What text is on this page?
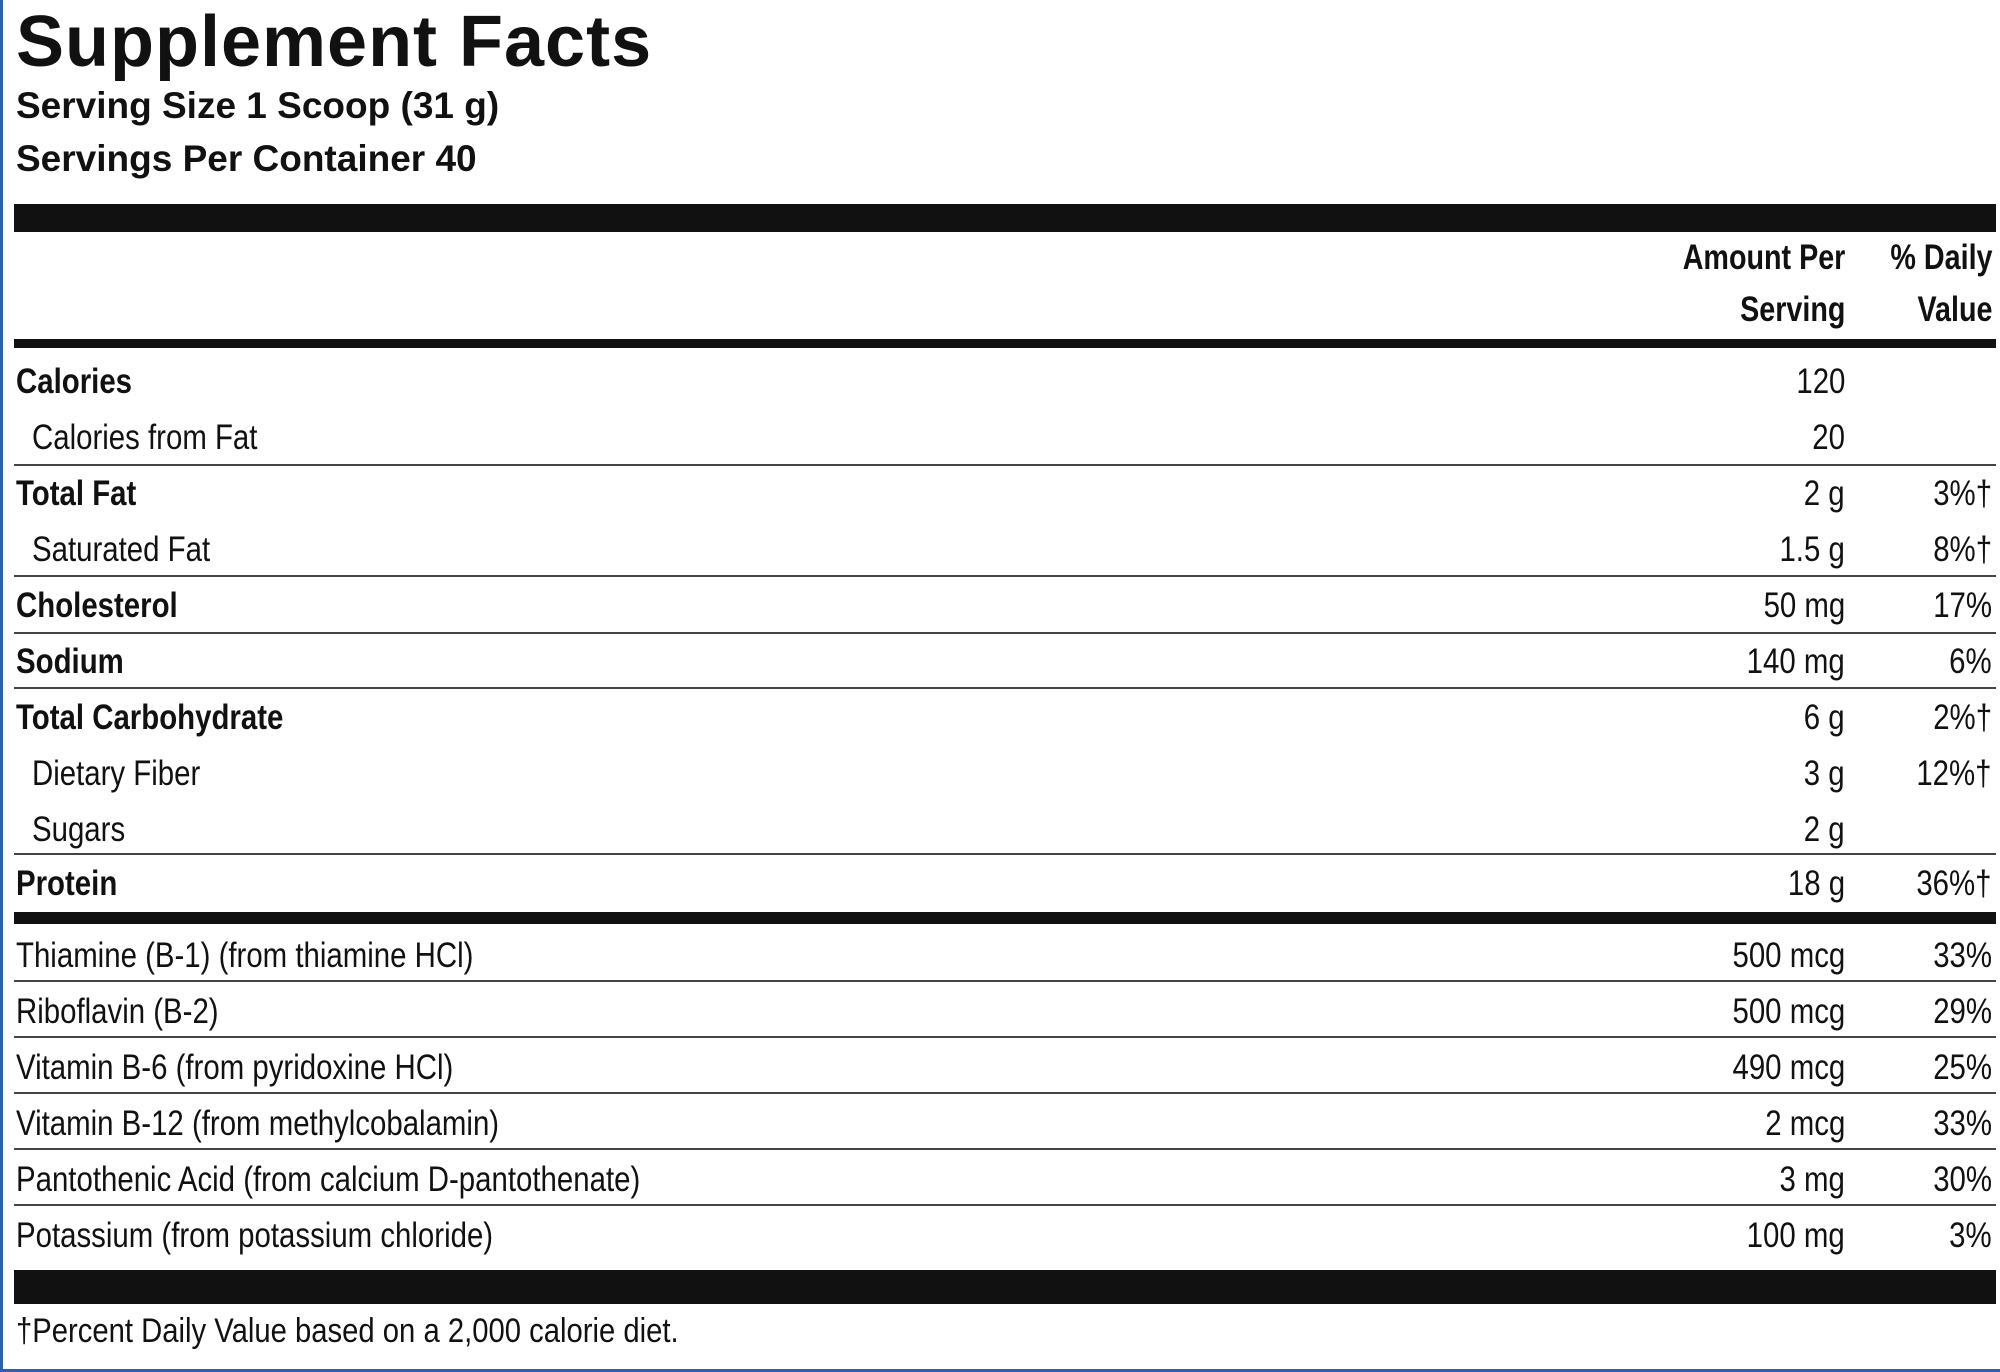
Supplement Facts
Serving Size 1 Scoop (31 g)
Servings Per Container 40
Amount Per
Serving
% Daily
Value
Calories	120
Calories from Fat	20
Total Fat	2 g	3%†
Saturated Fat	1.5 g	8%†
Cholesterol	50 mg	17%
Sodium	140 mg	6%
Total Carbohydrate	6 g	2%†
Dietary Fiber	3 g 12%†
Sugars	2 g
Protein	18 g 36%†
Thiamine (B-1) (from thiamine HCl)	500 mcg	33%
Riboflavin (B-2)	500 mcg	29%
Vitamin B-6 (from pyridoxine HCl)	490 mcg	25%
Vitamin B-12 (from methylcobalamin)	2 mcg	33%
Pantothenic Acid (from calcium D-pantothenate)	3 mg	30%
Potassium (from potassium chloride)	100 mg	3%
†Percent Daily Value based on a 2,000 calorie diet.
